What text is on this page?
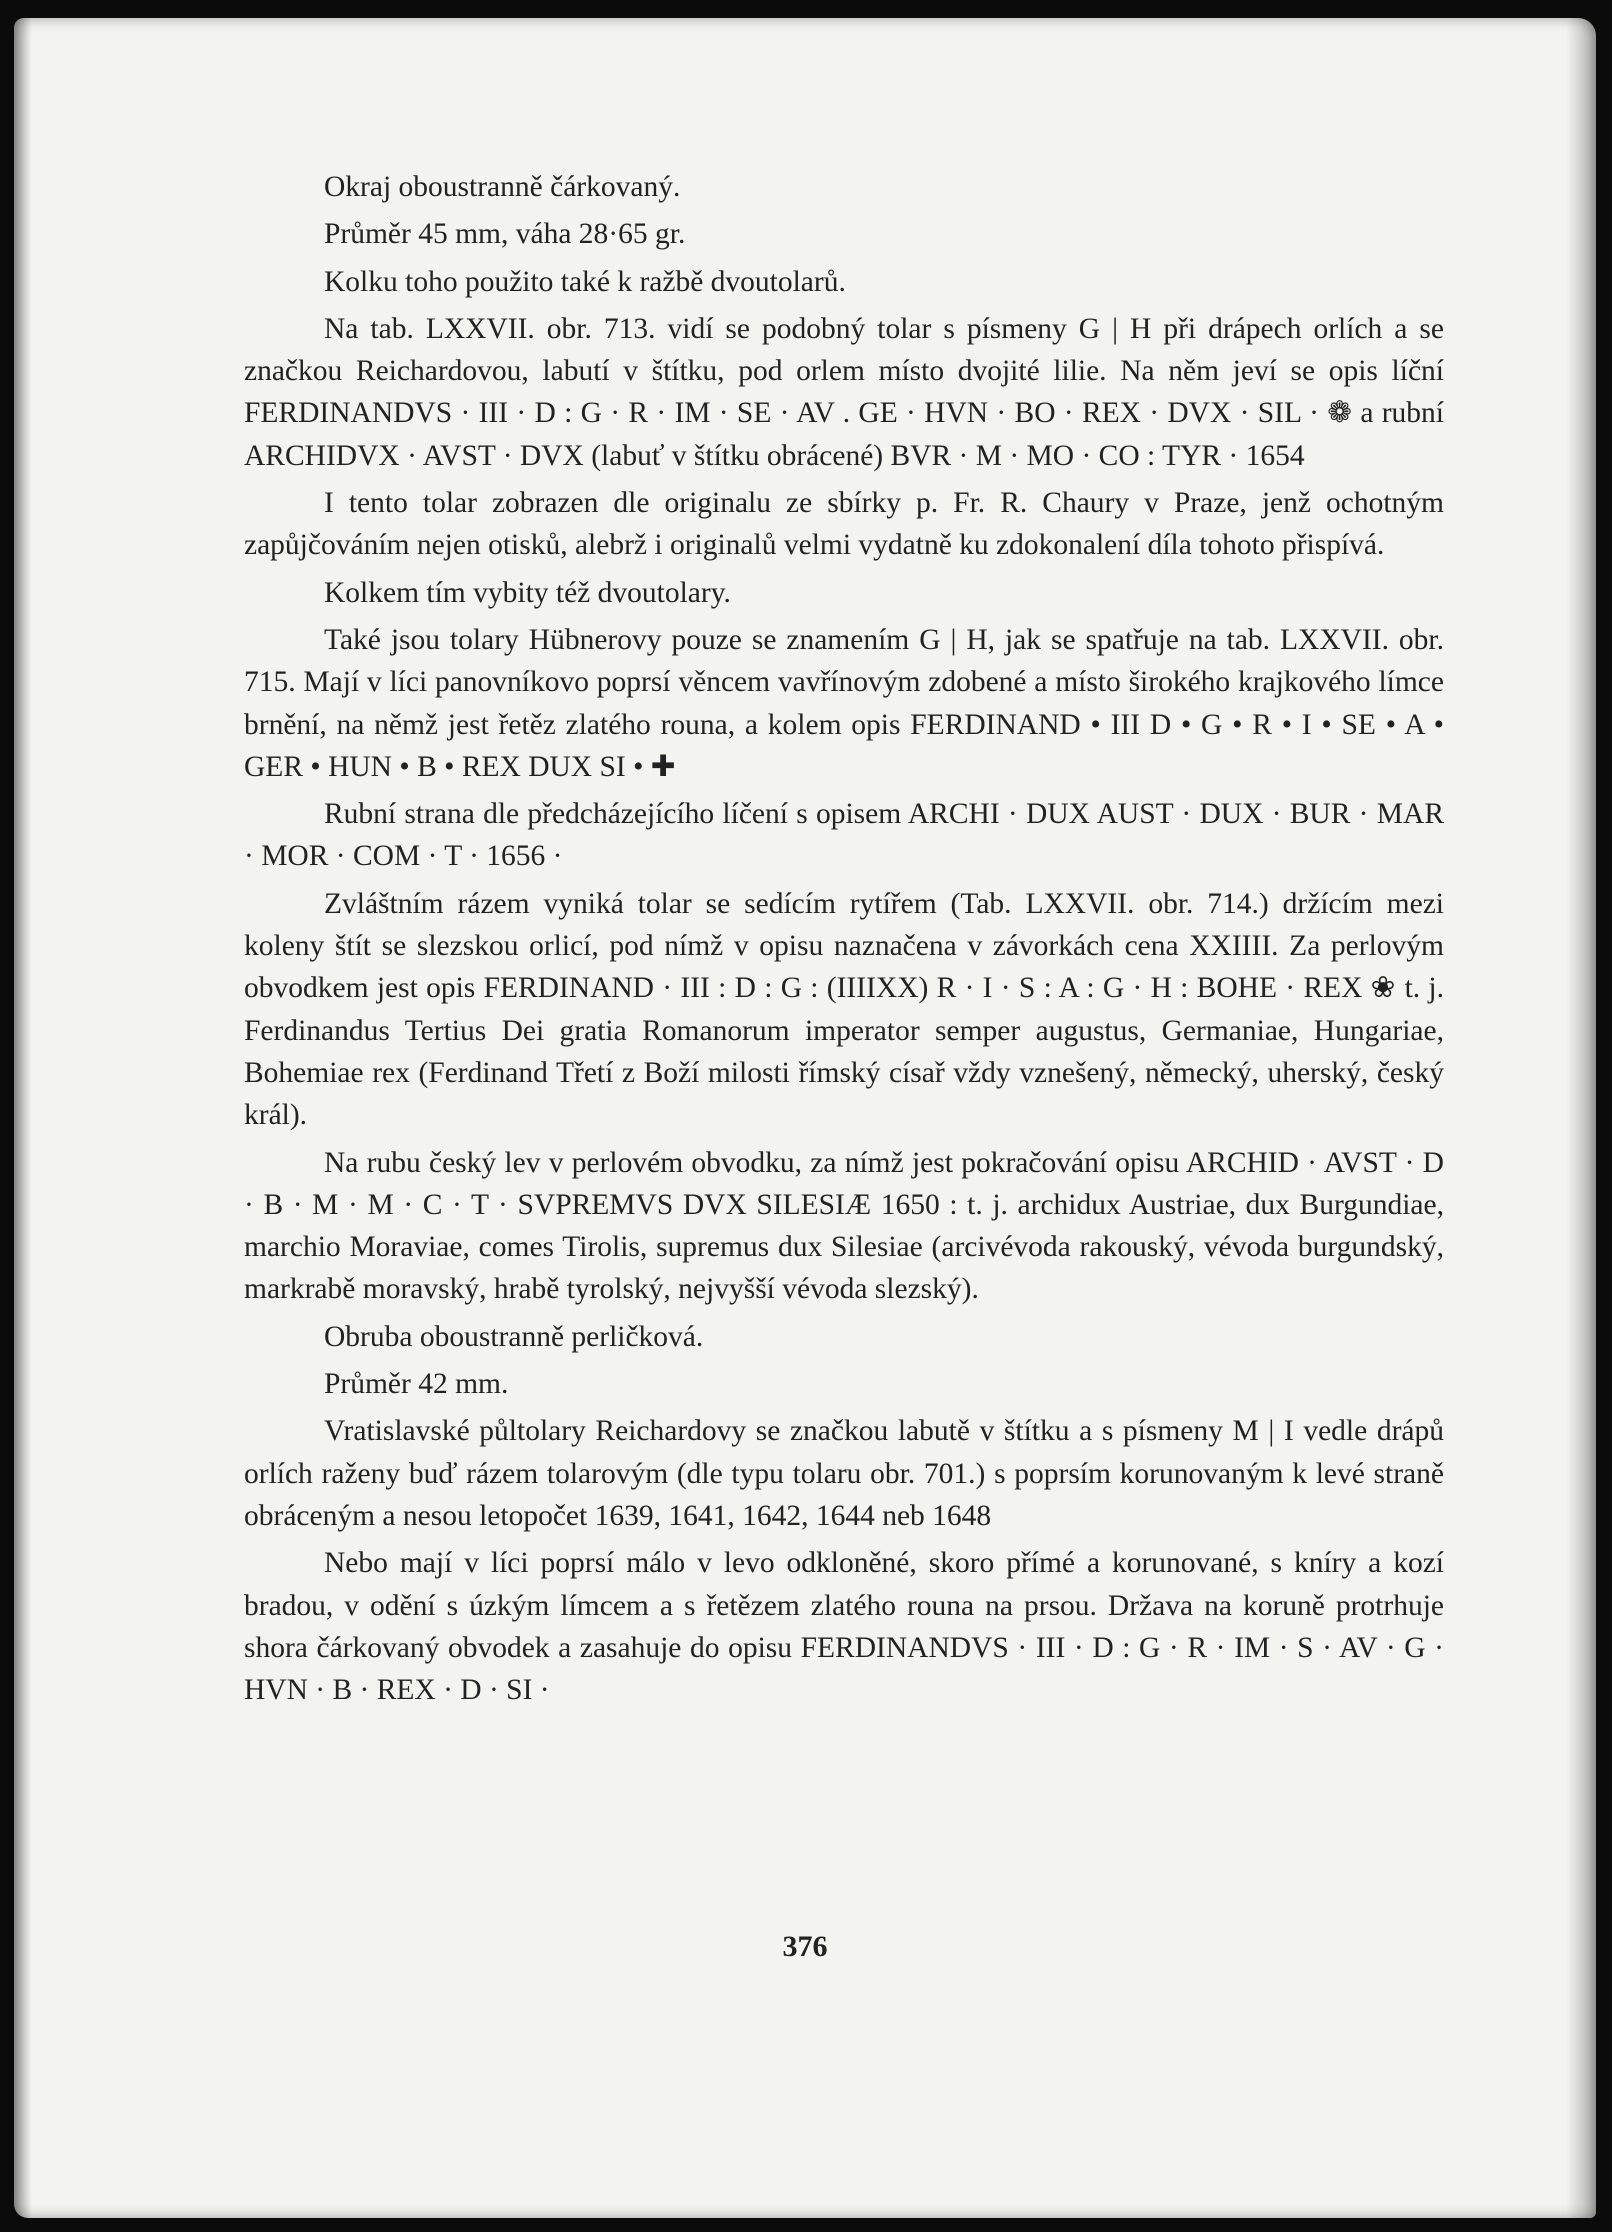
Okraj oboustranně čárkovaný.

Průměr 45 mm, váha 28·65 gr.

Kolku toho použito také k ražbě dvoutolarů.

Na tab. LXXVII. obr. 713. vidí se podobný tolar s písmeny G | H při drápech orlích a se značkou Reichardovou, labutí v štítku, pod orlem místo dvojité lilie. Na něm jeví se opis líční FERDINANDVS · III · D : G · R · IM · SE · AV . GE · HVN · BO · REX · DVX · SIL · ❁ a rubní ARCHIDVX · AVST · DVX (labuť v štítku obrácené) BVR · M · MO · CO : TYR · 1654

I tento tolar zobrazen dle originalu ze sbírky p. Fr. R. Chaury v Praze, jenž ochotným zapůjčováním nejen otisků, alebrž i originalů velmi vydatně ku zdokonalení díla tohoto přispívá.

Kolkem tím vybity též dvoutolary.

Také jsou tolary Hübnerovy pouze se znamením G | H, jak se spatřuje na tab. LXXVII. obr. 715. Mají v líci panovníkovo poprsí věncem vavřínovým zdobené a místo širokého krajkového límce brnění, na němž jest řetěz zlatého rouna, a kolem opis FERDINAND • III D • G • R • I • SE • A • GER • HUN • B • REX DUX SI • ✚

Rubní strana dle předcházejícího líčení s opisem ARCHI · DUX AUST · DUX · BUR · MAR · MOR · COM · T · 1656 ·

Zvláštním rázem vyniká tolar se sedícím rytířem (Tab. LXXVII. obr. 714.) držícím mezi koleny štít se slezskou orlicí, pod nímž v opisu naznačena v závorkách cena XXIIII. Za perlovým obvodkem jest opis FERDINAND · III : D : G : (IIIIXX) R · I · S : A : G · H : BOHE · REX ❀ t. j. Ferdinandus Tertius Dei gratia Romanorum imperator semper augustus, Germaniae, Hungariae, Bohemiae rex (Ferdinand Třetí z Boží milosti římský císař vždy vznešený, německý, uherský, český král).

Na rubu český lev v perlovém obvodku, za nímž jest pokračování opisu ARCHID · AVST · D · B · M · M · C · T · SVPREMVS DVX SILESIÆ 1650 : t. j. archidux Austriae, dux Burgundiae, marchio Moraviae, comes Tirolis, supremus dux Silesiae (arcivévoda rakouský, vévoda burgundský, markrabě moravský, hrabě tyrolský, nejvyšší vévoda slezský).

Obruba oboustranně perličková.

Průměr 42 mm.

Vratislavské půltolary Reichardovy se značkou labutě v štítku a s písmeny M | I vedle drápů orlích raženy buď rázem tolarovým (dle typu tolaru obr. 701.) s poprsím korunovaným k levé straně obráceným a nesou letopočet 1639, 1641, 1642, 1644 neb 1648

Nebo mají v líci poprsí málo v levo odkloněné, skoro přímé a korunované, s kníry a kozí bradou, v odění s úzkým límcem a s řetězem zlatého rouna na prsou. Država na koruně protrhuje shora čárkovaný obvodek a zasahuje do opisu FERDINANDVS · III · D : G · R · IM · S · AV · G · HVN · B · REX · D · SI ·

376
